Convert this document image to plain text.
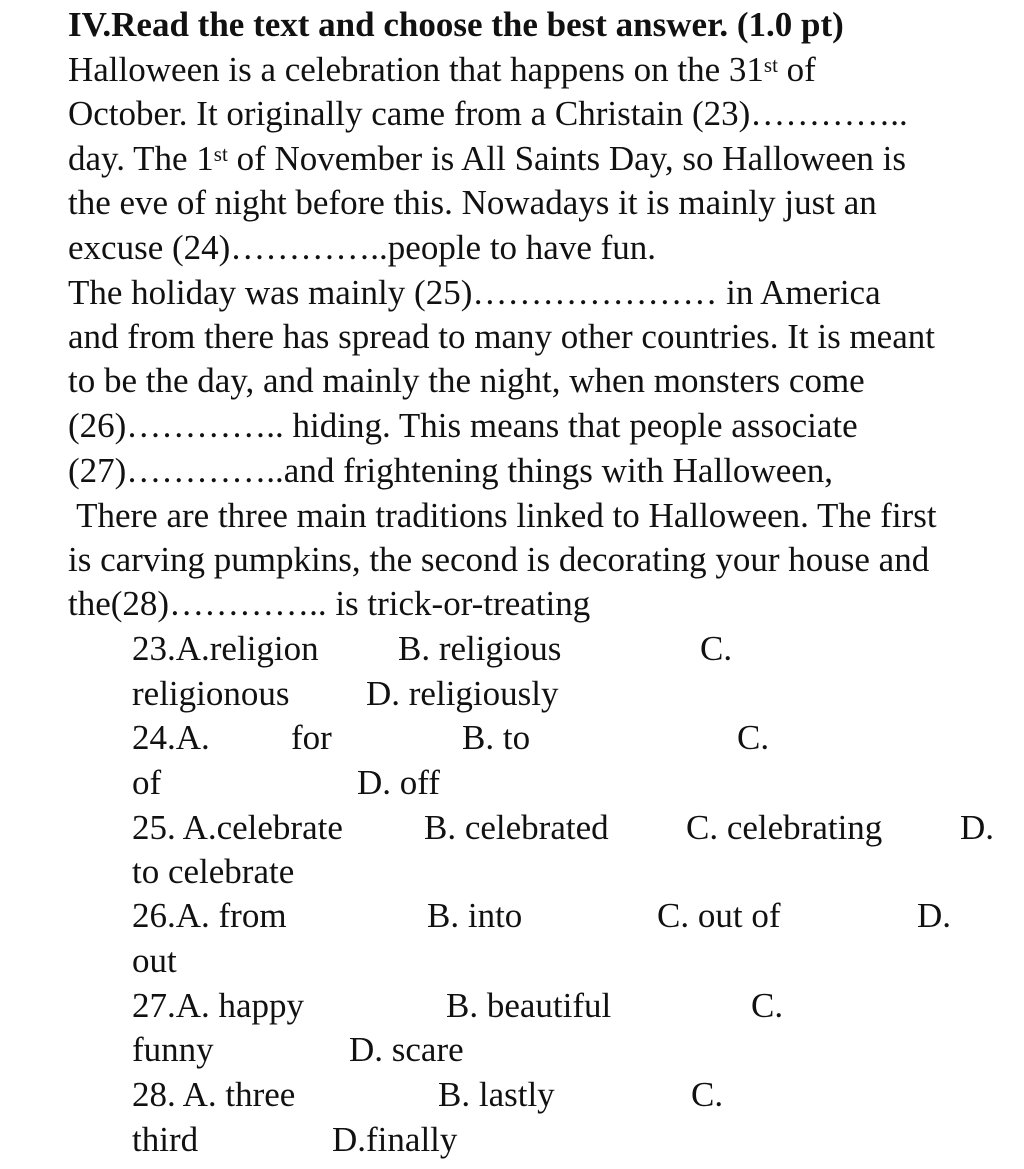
IV.Read the text and choose the best answer. (1.0 pt)
Halloween is a celebration that happens on the 31st of
October. It originally came from a Christain (23)…………..
day. The 1st of November is All Saints Day, so Halloween is
the eve of night before this. Nowadays it is mainly just an
excuse (24)…………..people to have fun.
The holiday was mainly (25)………………… in America
and from there has spread to many other countries. It is meant
to be the day, and mainly the night, when monsters come
(26)………….. hiding. This means that people associate
(27)…………..and frightening things with Halloween,
There are three main traditions linked to Halloween. The first
is carving pumpkins, the second is decorating your house and
the(28)………….. is trick-or-treating
23.A.religion B. religious	C.
religionous D. religiously
24.A. for	B. to	C.
of	D. off
25. A.celebrate B. celebrated C. celebrating D.
to celebrate
26.A. from	B. into	C. out of	D.
out
27.A. happy	B. beautiful	C.
funny	D. scare
28. A. three	B. lastly	C.
third	D.finally
